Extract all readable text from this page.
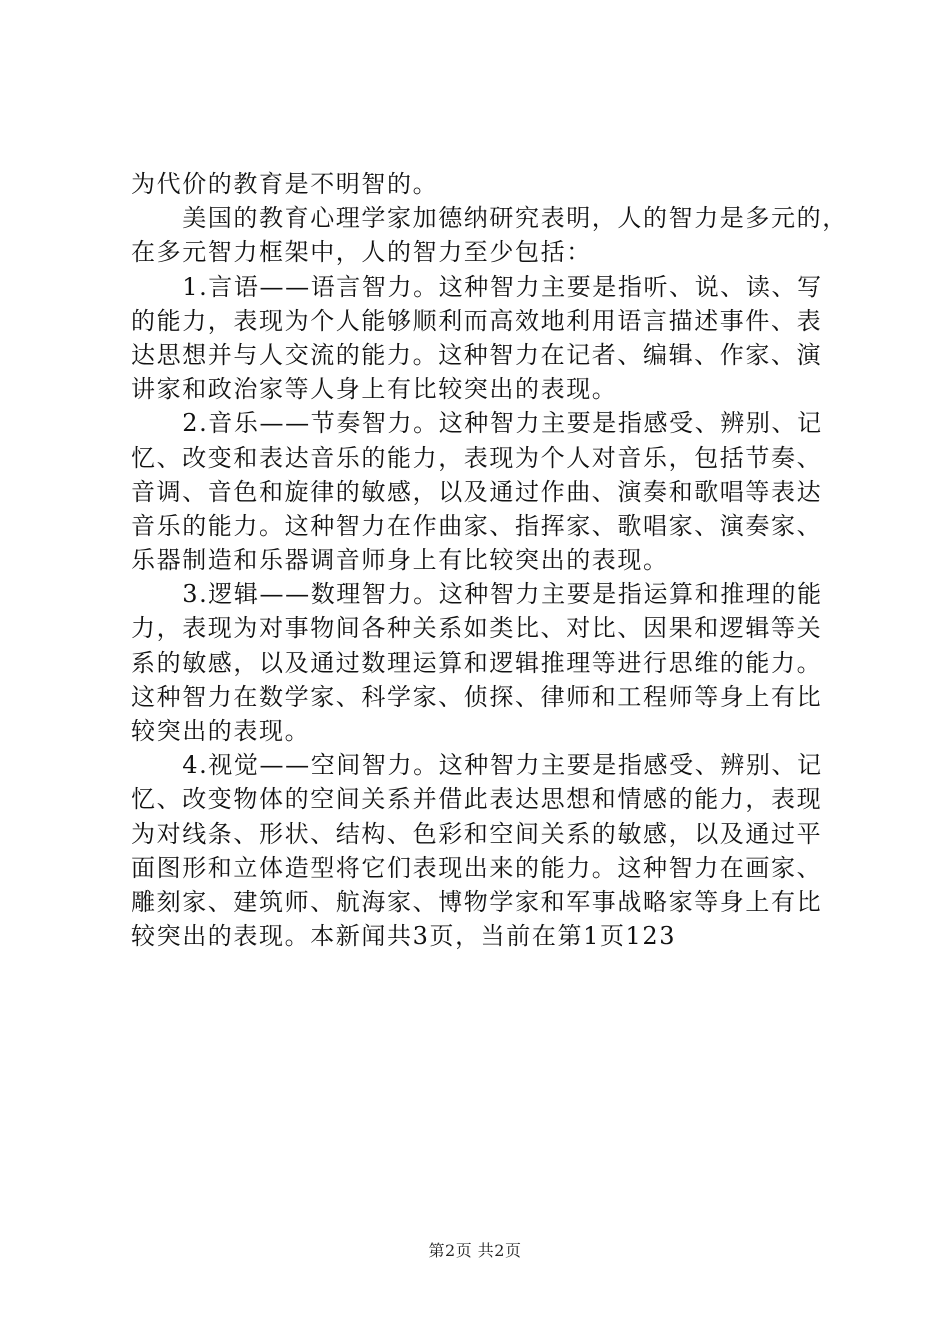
为代价的教育是不明智的。
　　美国的教育心理学家加德纳研究表明，人的智力是多元的，
在多元智力框架中，人的智力至少包括：
　　1.言语——语言智力。这种智力主要是指听、说、读、写
的能力，表现为个人能够顺利而高效地利用语言描述事件、表
达思想并与人交流的能力。这种智力在记者、编辑、作家、演
讲家和政治家等人身上有比较突出的表现。
　　2.音乐——节奏智力。这种智力主要是指感受、辨别、记
忆、改变和表达音乐的能力，表现为个人对音乐，包括节奏、
音调、音色和旋律的敏感，以及通过作曲、演奏和歌唱等表达
音乐的能力。这种智力在作曲家、指挥家、歌唱家、演奏家、
乐器制造和乐器调音师身上有比较突出的表现。
　　3.逻辑——数理智力。这种智力主要是指运算和推理的能
力，表现为对事物间各种关系如类比、对比、因果和逻辑等关
系的敏感，以及通过数理运算和逻辑推理等进行思维的能力。
这种智力在数学家、科学家、侦探、律师和工程师等身上有比
较突出的表现。
　　4.视觉——空间智力。这种智力主要是指感受、辨别、记
忆、改变物体的空间关系并借此表达思想和情感的能力，表现
为对线条、形状、结构、色彩和空间关系的敏感，以及通过平
面图形和立体造型将它们表现出来的能力。这种智力在画家、
雕刻家、建筑师、航海家、博物学家和军事战略家等身上有比
较突出的表现。本新闻共3页，当前在第1页123
第2页 共2页
